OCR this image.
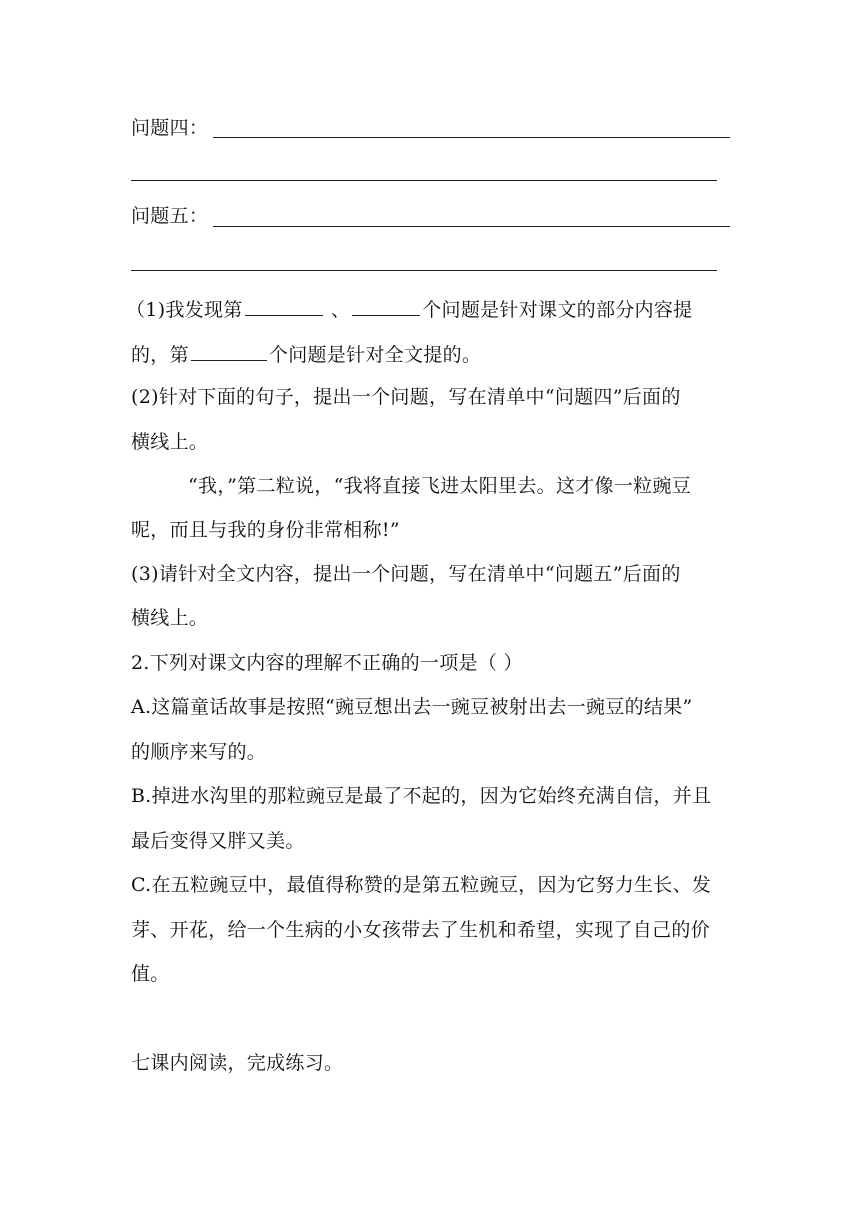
问题四：
问题五：
（1)我发现第	、	个问题是针对课文的部分内容提
的，第	个问题是针对全文提的。
(2)针对下面的句子，提出一个问题，写在清单中“问题四”后面的
横线上。
“我，”第二粒说，“我将直接飞进太阳里去。这才像一粒豌豆
呢，而且与我的身份非常相称!”
(3)请针对全文内容，提出一个问题，写在清单中“问题五”后面的
横线上。
2.下列对课文内容的理解不正确的一项是（ ）
A.这篇童话故事是按照“豌豆想出去一豌豆被射出去一豌豆的结果”
的顺序来写的。
B.掉进水沟里的那粒豌豆是最了不起的，因为它始终充满自信，并且
最后变得又胖又美。
C.在五粒豌豆中，最值得称赞的是第五粒豌豆，因为它努力生长、发
芽、开花，给一个生病的小女孩带去了生机和希望，实现了自己的价
值。
七课内阅读，完成练习。
